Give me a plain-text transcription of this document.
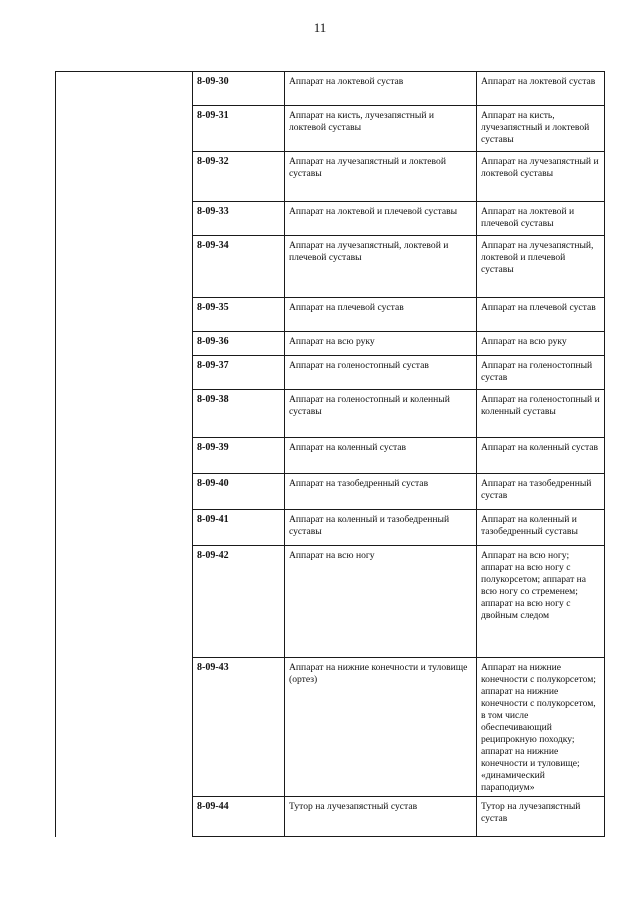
11
	8-09-30	Аппарат на локтевой сустав	Аппарат на локтевой сустав
	8-09-31	Аппарат на кисть, лучезапястный и локтевой суставы	Аппарат на кисть, лучезапястный и локтевой суставы
	8-09-32	Аппарат на лучезапястный и локтевой суставы	Аппарат на лучезапястный и локтевой суставы
	8-09-33	Аппарат на локтевой и плечевой суставы	Аппарат на локтевой и плечевой суставы
	8-09-34	Аппарат на лучезапястный, локтевой и плечевой суставы	Аппарат на лучезапястный, локтевой и плечевой суставы
	8-09-35	Аппарат на плечевой сустав	Аппарат на плечевой сустав
	8-09-36	Аппарат на всю руку	Аппарат на всю руку
	8-09-37	Аппарат на голеностопный сустав	Аппарат на голеностопный сустав
	8-09-38	Аппарат на голеностопный и коленный суставы	Аппарат на голеностопный и коленный суставы
	8-09-39	Аппарат на коленный сустав	Аппарат на коленный сустав
	8-09-40	Аппарат на тазобедренный сустав	Аппарат на тазобедренный сустав
	8-09-41	Аппарат на коленный и тазобедренный суставы	Аппарат на коленный и тазобедренный суставы
	8-09-42	Аппарат на всю ногу	Аппарат на всю ногу; аппарат на всю ногу с полукорсетом; аппарат на всю ногу со стременем; аппарат на всю ногу с двойным следом
	8-09-43	Аппарат на нижние конечности и туловище (ортез)	Аппарат на нижние конечности с полукорсетом; аппарат на нижние конечности с полукорсетом, в том числе обеспечивающий реципрокную походку; аппарат на нижние конечности и туловище; «динамический параподиум»
	8-09-44	Тутор на лучезапястный сустав	Тутор на лучезапястный сустав
